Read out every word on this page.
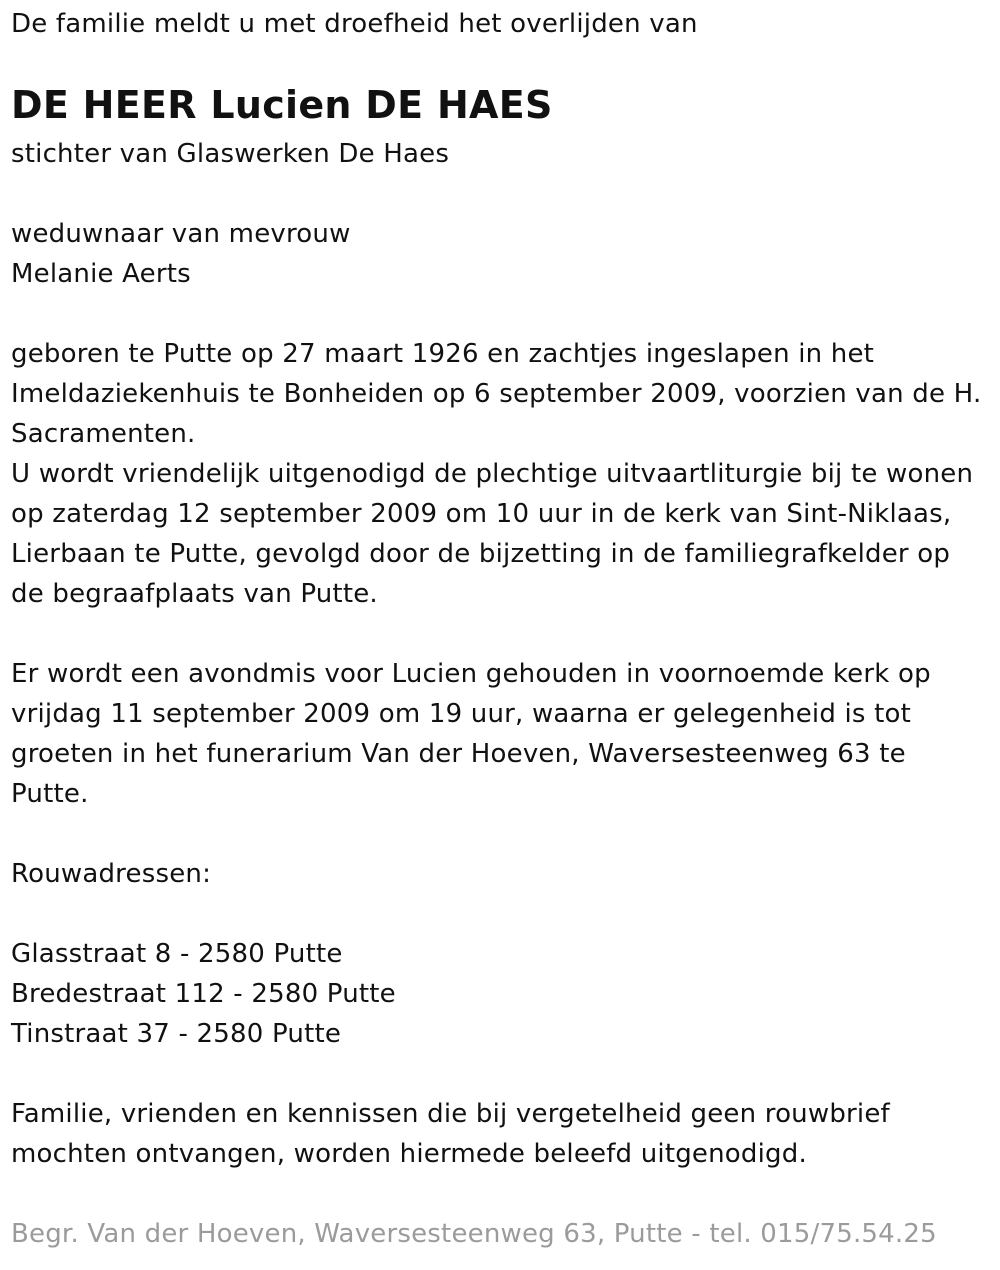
De familie meldt u met droefheid het overlijden van
DE HEER Lucien DE HAES
stichter van Glaswerken De Haes
weduwnaar van mevrouw
Melanie Aerts
geboren te Putte op 27 maart 1926 en zachtjes ingeslapen in het
Imeldaziekenhuis te Bonheiden op 6 september 2009, voorzien van de H.
Sacramenten.
U wordt vriendelijk uitgenodigd de plechtige uitvaartliturgie bij te wonen
op zaterdag 12 september 2009 om 10 uur in de kerk van Sint-Niklaas,
Lierbaan te Putte, gevolgd door de bijzetting in de familiegrafkelder op
de begraafplaats van Putte.
Er wordt een avondmis voor Lucien gehouden in voornoemde kerk op
vrijdag 11 september 2009 om 19 uur, waarna er gelegenheid is tot
groeten in het funerarium Van der Hoeven, Waversesteenweg 63 te
Putte.
Rouwadressen:
Glasstraat 8 - 2580 Putte
Bredestraat 112 - 2580 Putte
Tinstraat 37 - 2580 Putte
Familie, vrienden en kennissen die bij vergetelheid geen rouwbrief
mochten ontvangen, worden hiermede beleefd uitgenodigd.
Begr. Van der Hoeven, Waversesteenweg 63, Putte - tel. 015/75.54.25
